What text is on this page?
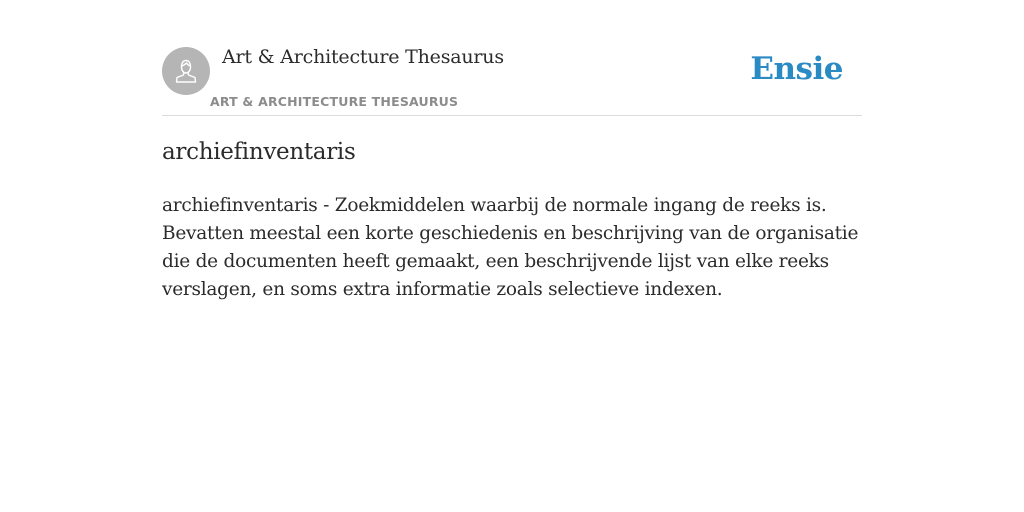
Art & Architecture Thesaurus
ART & ARCHITECTURE THESAURUS
Ensie
archiefinventaris

archiefinventaris - Zoekmiddelen waarbij de normale ingang de reeks is. Bevatten meestal een korte geschiedenis en beschrijving van de organisatie die de documenten heeft gemaakt, een beschrijvende lijst van elke reeks verslagen, en soms extra informatie zoals selectieve indexen.
